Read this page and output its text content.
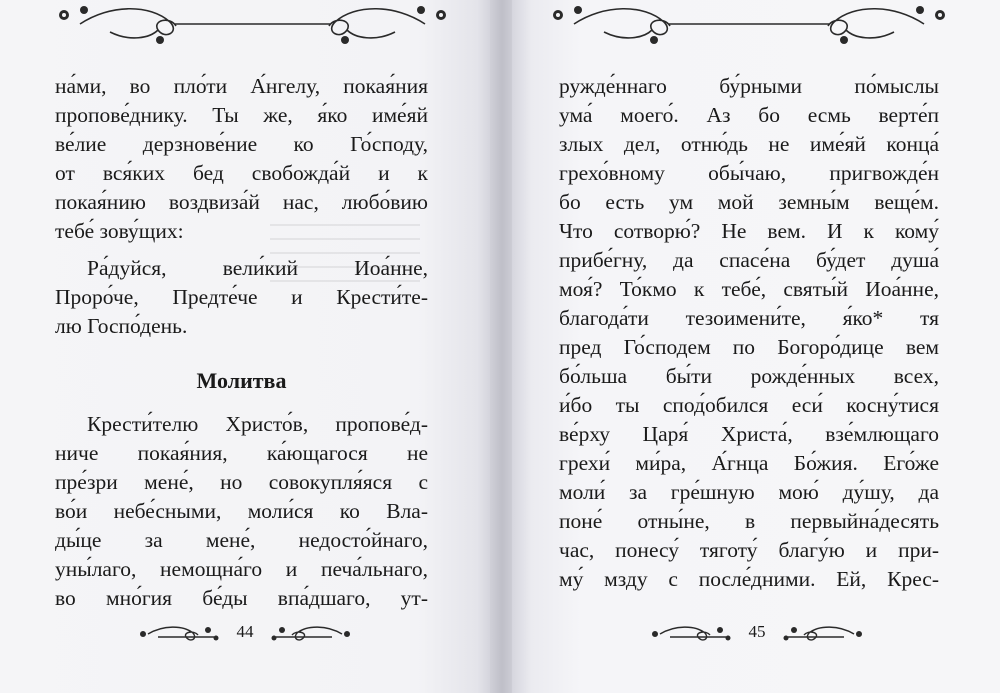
на́ми, во пло́ти А́нгелу, покая́ния
пропове́днику. Ты же, я́ко име́яй
ве́лие дерзнове́ние ко Го́споду,
от вся́ких бед свобожда́й и к
покая́нию воздвиза́й нас, любо́вию
тебе́ зову́щих:
Ра́дуйся, вели́кий Иоа́нне,
Проро́че, Предте́че и Крести́те-
лю Госпо́день.
Молитва
Крести́телю Христо́в, пропове́д-
ниче покая́ния, ка́ющагося не
пре́зри мене́, но совокупля́яся с
во́и небе́сными, моли́ся ко Вла-
ды́це за мене́, недосто́йнаго,
уны́лаго, немощна́го и печа́льнаго,
во мно́гия бе́ды впа́дшаго, ут-
44
ружде́ннаго бу́рными по́мыслы
ума́ моего́. Аз бо есмь верте́п
злых дел, отню́дь не име́яй конца́
грехо́вному обы́чаю, пригвожде́н
бо есть ум мой земны́м веще́м.
Что сотворю́? Не вем. И к кому́
прибе́гну, да спасе́на бу́дет душа́
моя́? То́кмо к тебе́, святы́й Иоа́нне,
благода́ти тезоимени́те, я́ко* тя
пред Го́сподем по Богоро́дице вем
бо́льша бы́ти рожде́нных всех,
и́бо ты спод́обился еси́ косну́тися
ве́рху Царя́ Христа́, взе́млющаго
грехи́ ми́ра, А́гнца Бо́жия. Его́же
моли́ за гре́шную мою́ ду́шу, да
поне́ отны́не, в первыйна́десять
час, понесу́ тяготу́ благу́ю и при-
му́ мзду с после́дними. Ей, Крес-
45
